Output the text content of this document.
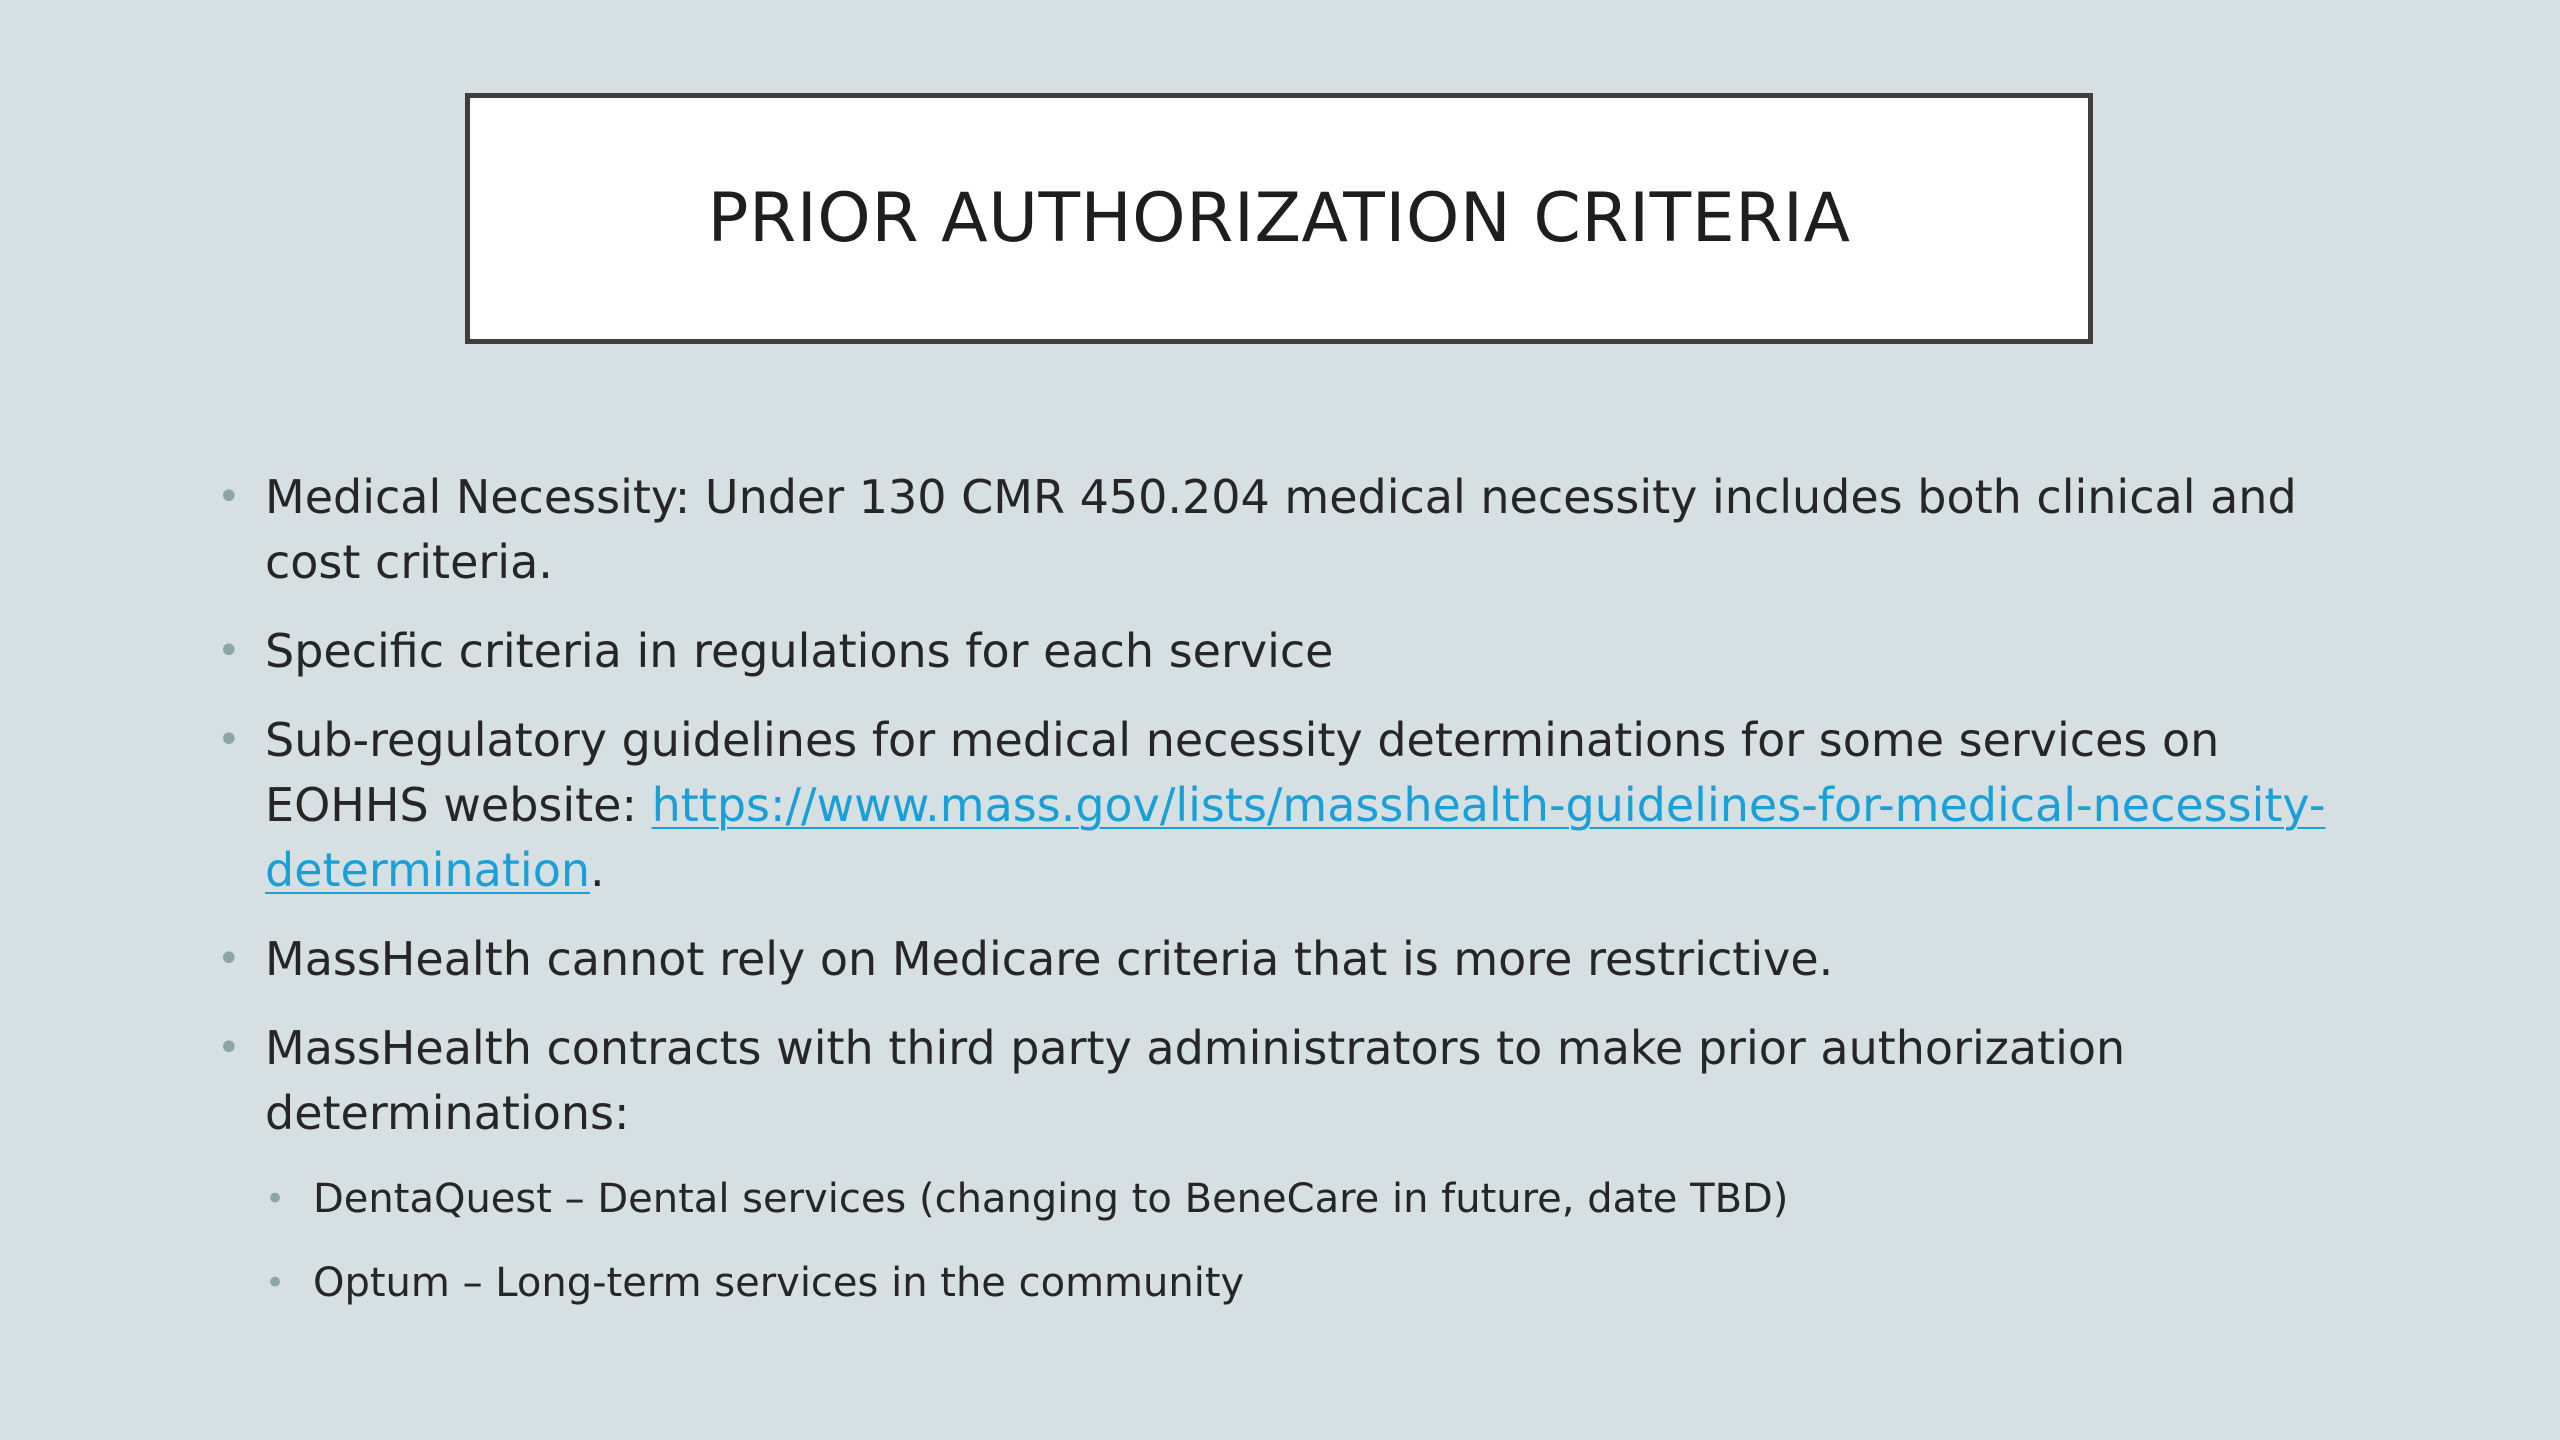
PRIOR AUTHORIZATION CRITERIA
• Medical Necessity: Under 130 CMR 450.204 medical necessity includes both clinical and cost criteria.
• Specific criteria in regulations for each service
• Sub-regulatory guidelines for medical necessity determinations for some services on EOHHS website: https://www.mass.gov/lists/masshealth-guidelines-for-medical-necessity-determination.
• MassHealth cannot rely on Medicare criteria that is more restrictive.
• MassHealth contracts with third party administrators to make prior authorization determinations:
• DentaQuest – Dental services (changing to BeneCare in future, date TBD)
• Optum – Long-term services in the community
